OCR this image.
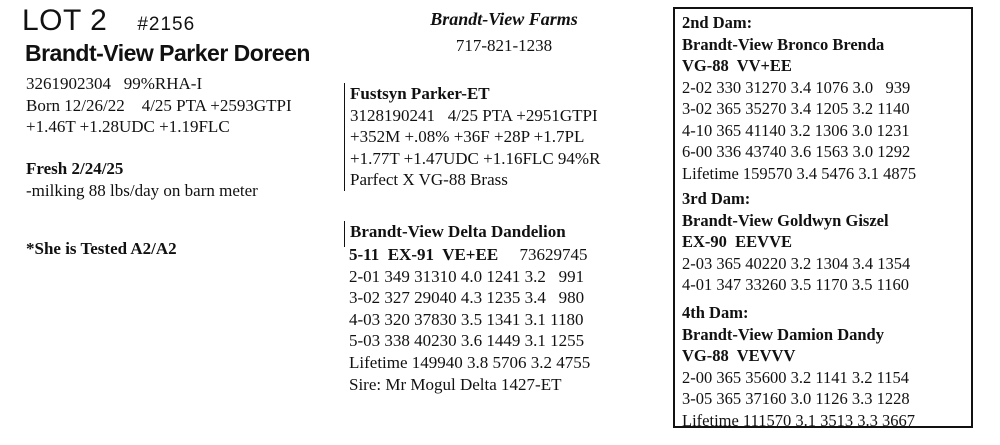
LOT 2 #2156
Brandt-View Parker Doreen
3261902304   99%RHA-I
Born 12/26/22    4/25 PTA +2593GTPI
+1.46T +1.28UDC +1.19FLC
Fresh 2/24/25
-milking 88 lbs/day on barn meter
*She is Tested A2/A2
Brandt-View Farms
717-821-1238
Fustsyn Parker-ET
3128190241   4/25 PTA +2951GTPI
+352M +.08% +36F +28P +1.7PL
+1.77T +1.47UDC +1.16FLC 94%R
Parfect X VG-88 Brass
Brandt-View Delta Dandelion
5-11  EX-91  VE+EE 73629745
2-01 349 31310 4.0 1241 3.2   991
3-02 327 29040 4.3 1235 3.4   980
4-03 320 37830 3.5 1341 3.1 1180
5-03 338 40230 3.6 1449 3.1 1255
Lifetime 149940 3.8 5706 3.2 4755
Sire: Mr Mogul Delta 1427-ET
2nd Dam:
Brandt-View Bronco Brenda
VG-88  VV+EE
2-02 330 31270 3.4 1076 3.0   939
3-02 365 35270 3.4 1205 3.2 1140
4-10 365 41140 3.2 1306 3.0 1231
6-00 336 43740 3.6 1563 3.0 1292
Lifetime 159570 3.4 5476 3.1 4875
3rd Dam:
Brandt-View Goldwyn Giszel
EX-90  EEVVE
2-03 365 40220 3.2 1304 3.4 1354
4-01 347 33260 3.5 1170 3.5 1160
4th Dam:
Brandt-View Damion Dandy
VG-88  VEVVV
2-00 365 35600 3.2 1141 3.2 1154
3-05 365 37160 3.0 1126 3.3 1228
Lifetime 111570 3.1 3513 3.3 3667
